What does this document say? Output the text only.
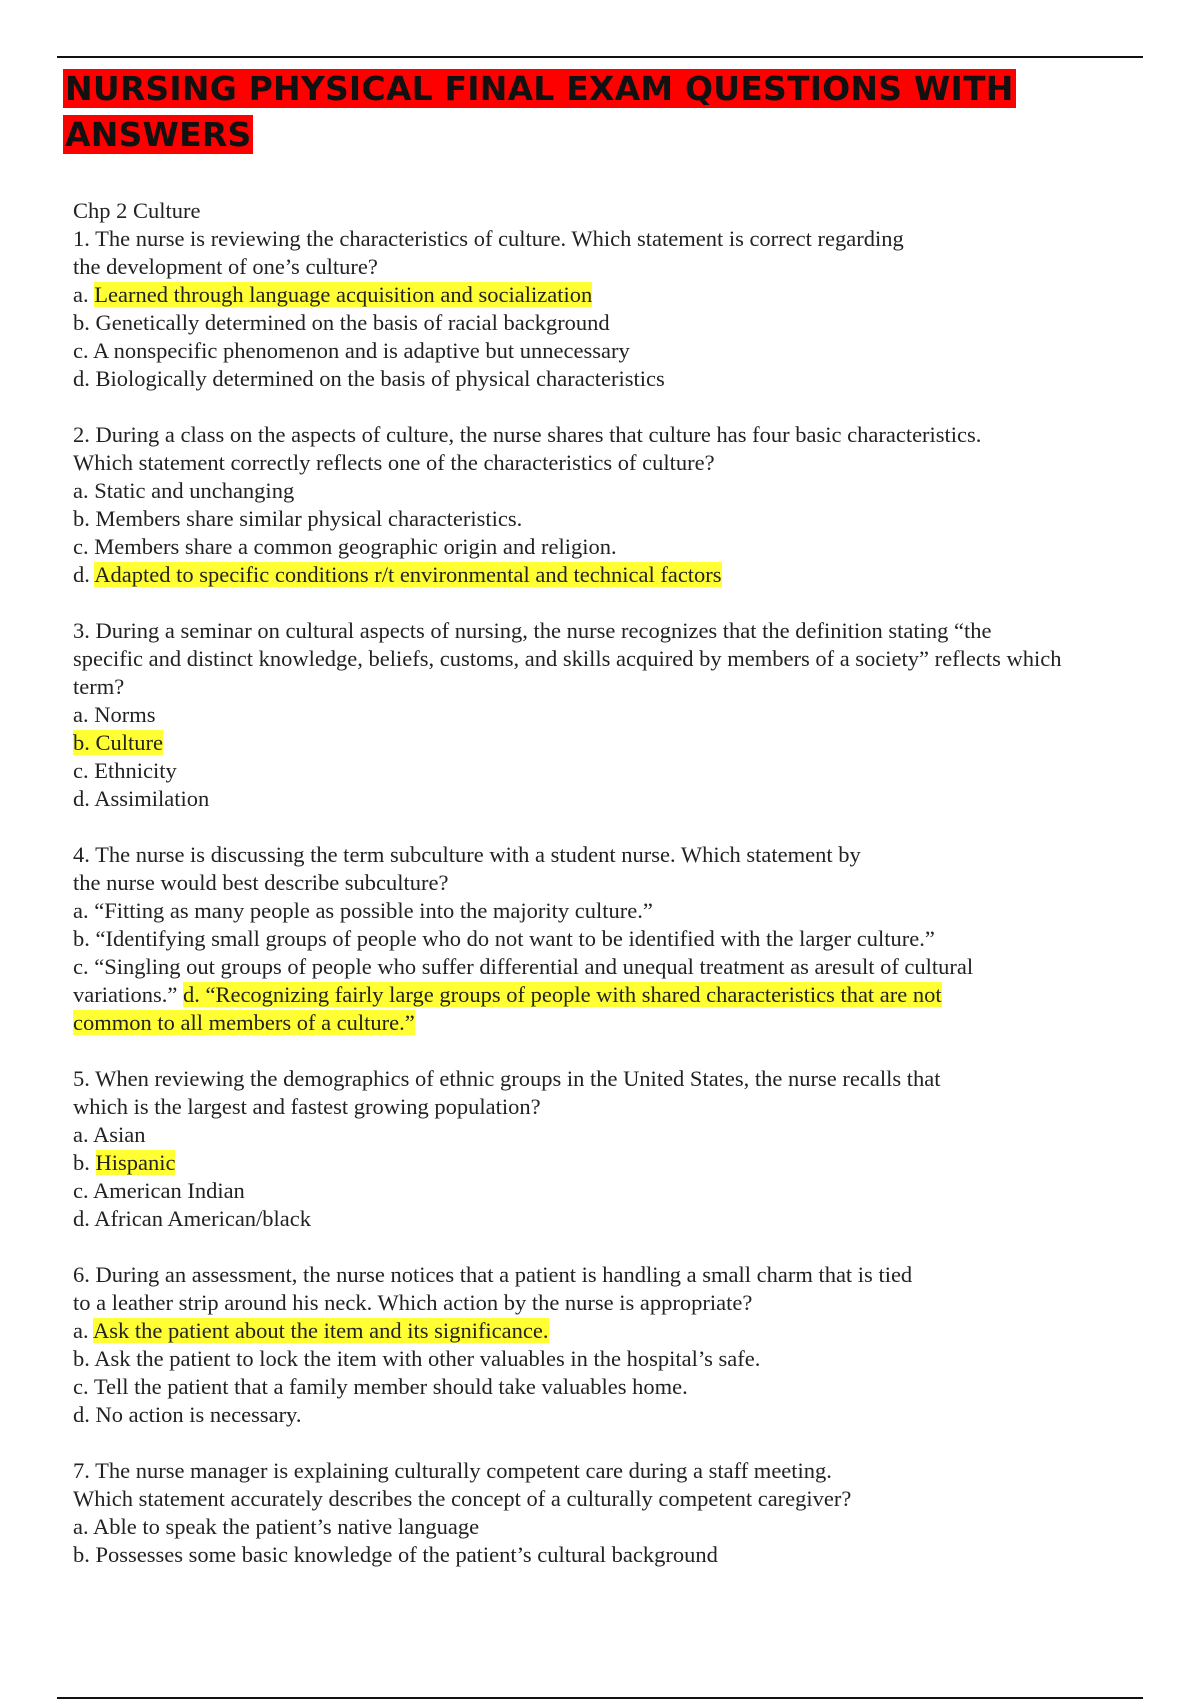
NURSING PHYSICAL FINAL EXAM QUESTIONS WITH
ANSWERS
Chp 2 Culture
1. The nurse is reviewing the characteristics of culture. Which statement is correct regarding
the development of one’s culture?
a. Learned through language acquisition and socialization
b. Genetically determined on the basis of racial background
c. A nonspecific phenomenon and is adaptive but unnecessary
d. Biologically determined on the basis of physical characteristics
2. During a class on the aspects of culture, the nurse shares that culture has four basic characteristics.
Which statement correctly reflects one of the characteristics of culture?
a. Static and unchanging
b. Members share similar physical characteristics.
c. Members share a common geographic origin and religion.
d. Adapted to specific conditions r/t environmental and technical factors
3. During a seminar on cultural aspects of nursing, the nurse recognizes that the definition stating “the
specific and distinct knowledge, beliefs, customs, and skills acquired by members of a society” reflects which
term?
a. Norms
b. Culture
c. Ethnicity
d. Assimilation
4. The nurse is discussing the term subculture with a student nurse. Which statement by
the nurse would best describe subculture?
a. “Fitting as many people as possible into the majority culture.”
b. “Identifying small groups of people who do not want to be identified with the larger culture.”
c. “Singling out groups of people who suffer differential and unequal treatment as aresult of cultural
variations.” d. “Recognizing fairly large groups of people with shared characteristics that are not
common to all members of a culture.”
5. When reviewing the demographics of ethnic groups in the United States, the nurse recalls that
which is the largest and fastest growing population?
a. Asian
b. Hispanic
c. American Indian
d. African American/black
6. During an assessment, the nurse notices that a patient is handling a small charm that is tied
to a leather strip around his neck. Which action by the nurse is appropriate?
a. Ask the patient about the item and its significance.
b. Ask the patient to lock the item with other valuables in the hospital’s safe.
c. Tell the patient that a family member should take valuables home.
d. No action is necessary.
7. The nurse manager is explaining culturally competent care during a staff meeting.
Which statement accurately describes the concept of a culturally competent caregiver?
a. Able to speak the patient’s native language
b. Possesses some basic knowledge of the patient’s cultural background
